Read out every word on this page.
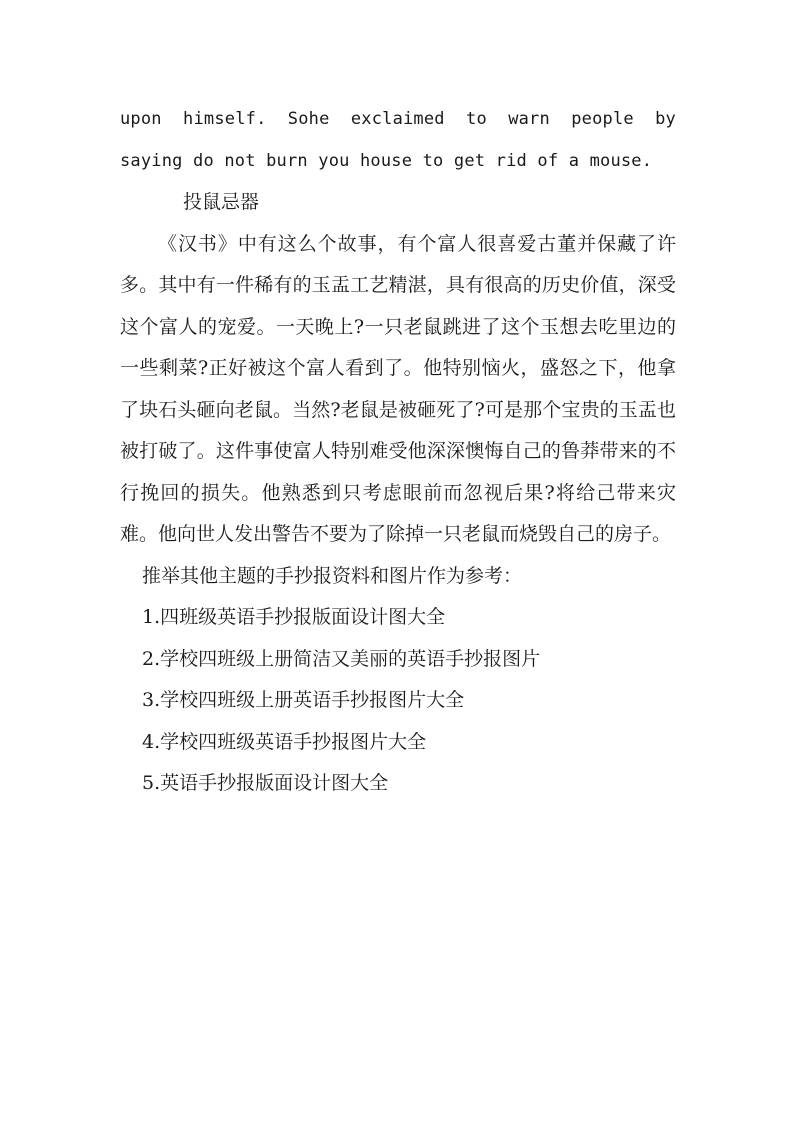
upon himself. Sohe exclaimed to warn people by
saying do not burn you house to get rid of a mouse.
投鼠忌器

《汉书》中有这么个故事，有个富人很喜爱古董并保藏了许多。其中有一件稀有的玉盂工艺精湛，具有很高的历史价值，深受这个富人的宠爱。一天晚上?一只老鼠跳进了这个玉想去吃里边的一些剩菜?正好被这个富人看到了。他特别恼火，盛怒之下，他拿了块石头砸向老鼠。当然?老鼠是被砸死了?可是那个宝贵的玉盂也被打破了。这件事使富人特别难受他深深懊悔自己的鲁莽带来的不行挽回的损失。他熟悉到只考虑眼前而忽视后果?将给己带来灾难。他向世人发出警告不要为了除掉一只老鼠而烧毁自己的房子。

推举其他主题的手抄报资料和图片作为参考：
1.四班级英语手抄报版面设计图大全
2.学校四班级上册简洁又美丽的英语手抄报图片
3.学校四班级上册英语手抄报图片大全
4.学校四班级英语手抄报图片大全
5.英语手抄报版面设计图大全
